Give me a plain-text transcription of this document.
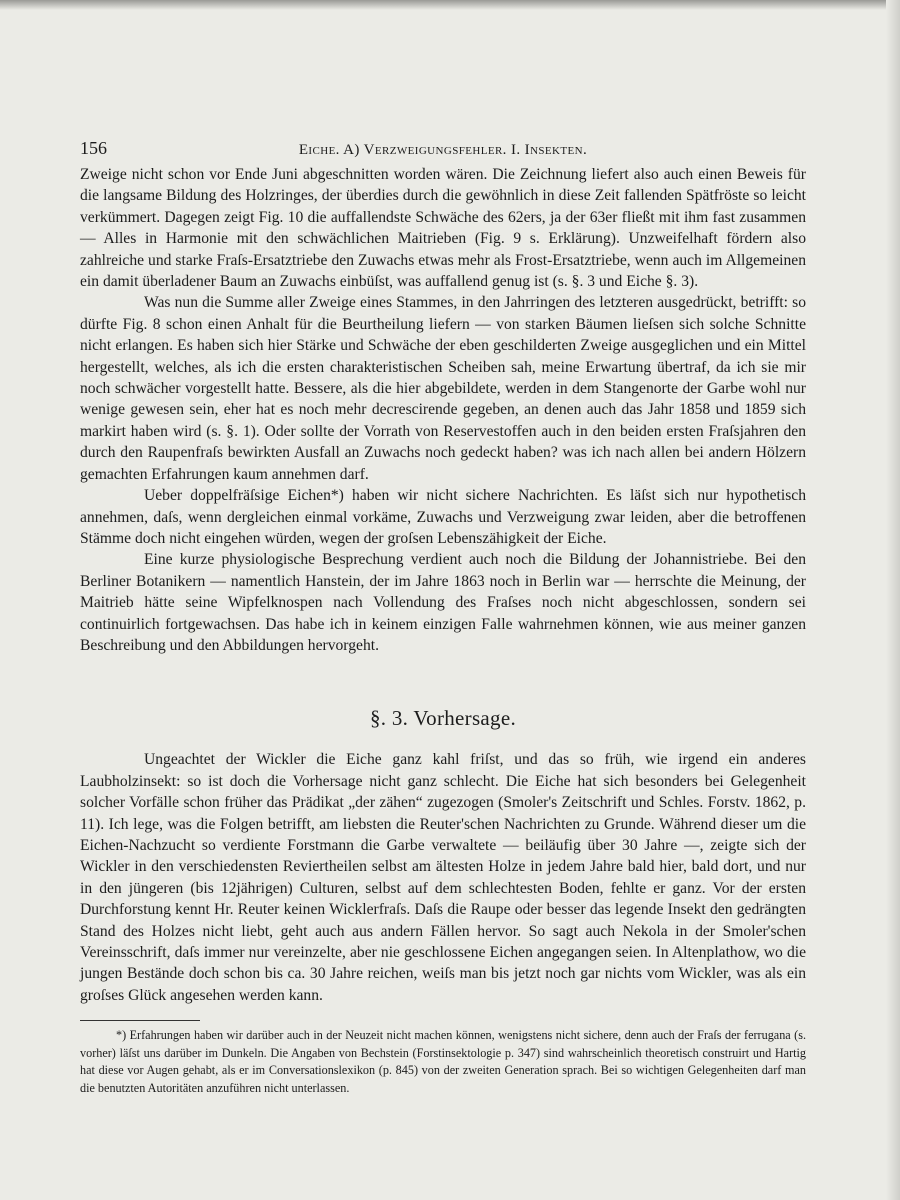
156	Eiche. A) Verzweigungsfehler. I. Insekten.

Zweige nicht schon vor Ende Juni abgeschnitten worden wären. Die Zeichnung liefert also auch einen Beweis für die langsame Bildung des Holzringes, der überdies durch die gewöhnlich in diese Zeit fallenden Spätfröste so leicht verkümmert. Dagegen zeigt Fig. 10 die auffallendste Schwäche des 62ers, ja der 63er fließt mit ihm fast zusammen — Alles in Harmonie mit den schwächlichen Maitrieben (Fig. 9 s. Erklärung). Unzweifelhaft fördern also zahlreiche und starke Fraſs-Ersatztriebe den Zuwachs etwas mehr als Frost-Ersatztriebe, wenn auch im Allgemeinen ein damit überladener Baum an Zuwachs einbüſst, was auffallend genug ist (s. §. 3 und Eiche §. 3).

Was nun die Summe aller Zweige eines Stammes, in den Jahrringen des letzteren ausgedrückt, betrifft: so dürfte Fig. 8 schon einen Anhalt für die Beurtheilung liefern — von starken Bäumen lieſsen sich solche Schnitte nicht erlangen. Es haben sich hier Stärke und Schwäche der eben geschilderten Zweige ausgeglichen und ein Mittel hergestellt, welches, als ich die ersten charakteristischen Scheiben sah, meine Erwartung übertraf, da ich sie mir noch schwächer vorgestellt hatte. Bessere, als die hier abgebildete, werden in dem Stangenorte der Garbe wohl nur wenige gewesen sein, eher hat es noch mehr decrescirende gegeben, an denen auch das Jahr 1858 und 1859 sich markirt haben wird (s. §. 1). Oder sollte der Vorrath von Reservestoffen auch in den beiden ersten Fraſsjahren den durch den Raupenfraſs bewirkten Ausfall an Zuwachs noch gedeckt haben? was ich nach allen bei andern Hölzern gemachten Erfahrungen kaum annehmen darf.

Ueber doppelfräſsige Eichen*) haben wir nicht sichere Nachrichten. Es läſst sich nur hypothetisch annehmen, daſs, wenn dergleichen einmal vorkäme, Zuwachs und Verzweigung zwar leiden, aber die betroffenen Stämme doch nicht eingehen würden, wegen der groſsen Lebenszähigkeit der Eiche.

Eine kurze physiologische Besprechung verdient auch noch die Bildung der Johannistriebe. Bei den Berliner Botanikern — namentlich Hanstein, der im Jahre 1863 noch in Berlin war — herrschte die Meinung, der Maitrieb hätte seine Wipfelknospen nach Vollendung des Fraſses noch nicht abgeschlossen, sondern sei continuirlich fortgewachsen. Das habe ich in keinem einzigen Falle wahrnehmen können, wie aus meiner ganzen Beschreibung und den Abbildungen hervorgeht.

§. 3. Vorhersage.

Ungeachtet der Wickler die Eiche ganz kahl friſst, und das so früh, wie irgend ein anderes Laubholzinsekt: so ist doch die Vorhersage nicht ganz schlecht. Die Eiche hat sich besonders bei Gelegenheit solcher Vorfälle schon früher das Prädikat „der zähen“ zugezogen (Smoler's Zeitschrift und Schles. Forstv. 1862, p. 11). Ich lege, was die Folgen betrifft, am liebsten die Reuter'schen Nachrichten zu Grunde. Während dieser um die Eichen-Nachzucht so verdiente Forstmann die Garbe verwaltete — beiläufig über 30 Jahre —, zeigte sich der Wickler in den verschiedensten Reviertheilen selbst am ältesten Holze in jedem Jahre bald hier, bald dort, und nur in den jüngeren (bis 12jährigen) Culturen, selbst auf dem schlechtesten Boden, fehlte er ganz. Vor der ersten Durchforstung kennt Hr. Reuter keinen Wicklerfraſs. Daſs die Raupe oder besser das legende Insekt den gedrängten Stand des Holzes nicht liebt, geht auch aus andern Fällen hervor. So sagt auch Nekola in der Smoler'schen Vereinsschrift, daſs immer nur vereinzelte, aber nie geschlossene Eichen angegangen seien. In Altenplathow, wo die jungen Bestände doch schon bis ca. 30 Jahre reichen, weiſs man bis jetzt noch gar nichts vom Wickler, was als ein groſses Glück angesehen werden kann.

*) Erfahrungen haben wir darüber auch in der Neuzeit nicht machen können, wenigstens nicht sichere, denn auch der Fraſs der ferrugana (s. vorher) läſst uns darüber im Dunkeln. Die Angaben von Bechstein (Forstinsektologie p. 347) sind wahrscheinlich theoretisch construirt und Hartig hat diese vor Augen gehabt, als er im Conversationslexikon (p. 845) von der zweiten Generation sprach. Bei so wichtigen Gelegenheiten darf man die benutzten Autoritäten anzuführen nicht unterlassen.
